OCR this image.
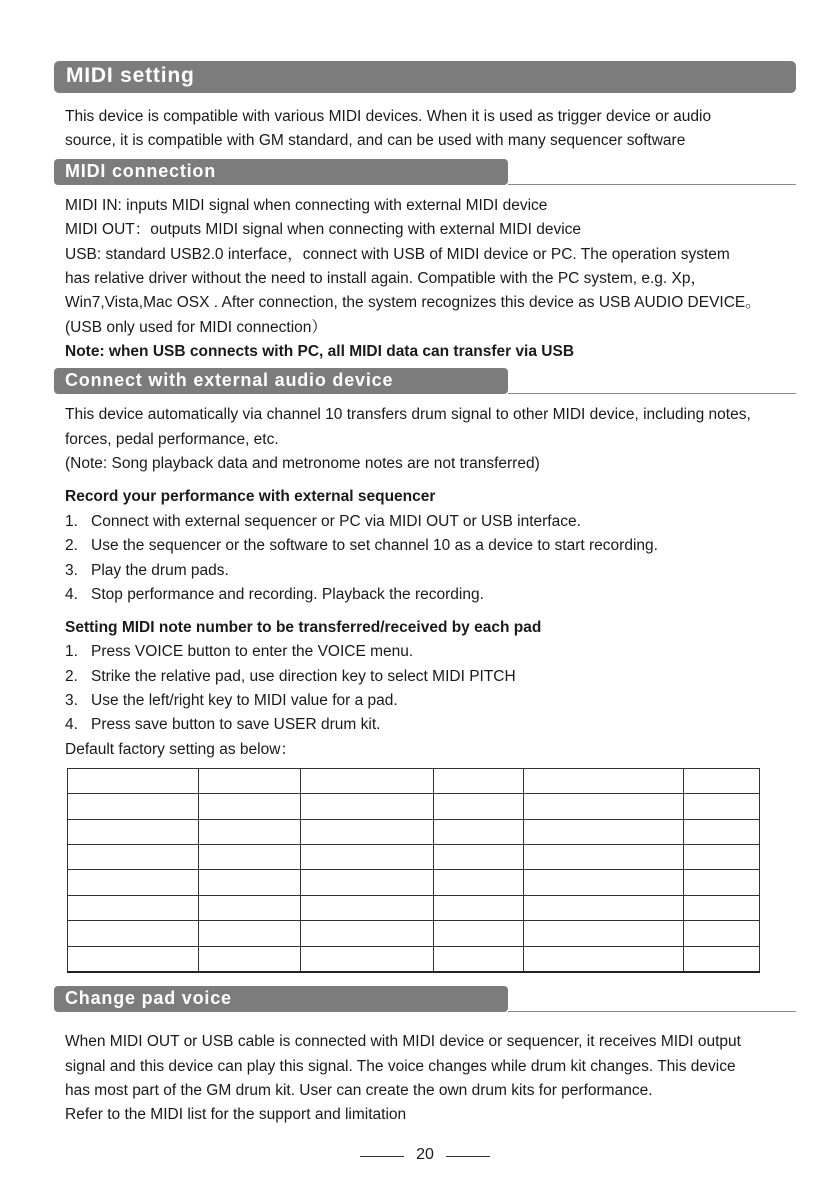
MIDI setting

This device is compatible with various MIDI devices. When it is used as trigger device or audio

source, it is compatible with GM standard, and can be used with many sequencer software

MIDI connection

MIDI IN: inputs MIDI signal when connecting with external MIDI device

MIDI OUT：outputs MIDI signal when connecting with external MIDI device

USB: standard USB2.0 interface，connect with USB of MIDI device or PC. The operation system

has relative driver without the need to install again. Compatible with the PC system, e.g. Xp，

Win7,Vista,Mac OSX . After connection, the system recognizes this device as USB AUDIO DEVICE。

(USB only used for MIDI connection）

Note: when USB connects with PC, all MIDI data can transfer via USB

Connect with external audio device

This device automatically via channel 10 transfers drum signal to other MIDI device, including notes,

forces, pedal performance, etc.

(Note: Song playback data and metronome notes are not transferred)

Record your performance with external sequencer

1. Connect with external sequencer or PC via MIDI OUT or USB interface.

2. Use the sequencer or the software to set channel 10 as a device to start recording.

3. Play the drum pads.

4. Stop performance and recording. Playback the recording.

Setting MIDI note number to be transferred/received by each pad

1. Press VOICE button to enter the VOICE menu.

2. Strike the relative pad, use direction key to select MIDI PITCH

3. Use the left/right key to MIDI value for a pad.

4. Press save button to save USER drum kit.

Default factory setting as below：

Change pad voice

When MIDI OUT or USB cable is connected with MIDI device or sequencer, it receives MIDI output

signal and this device can play this signal. The voice changes while drum kit changes. This device

has most part of the GM drum kit. User can create the own drum kits for performance.

Refer to the MIDI list for the support and limitation

20
